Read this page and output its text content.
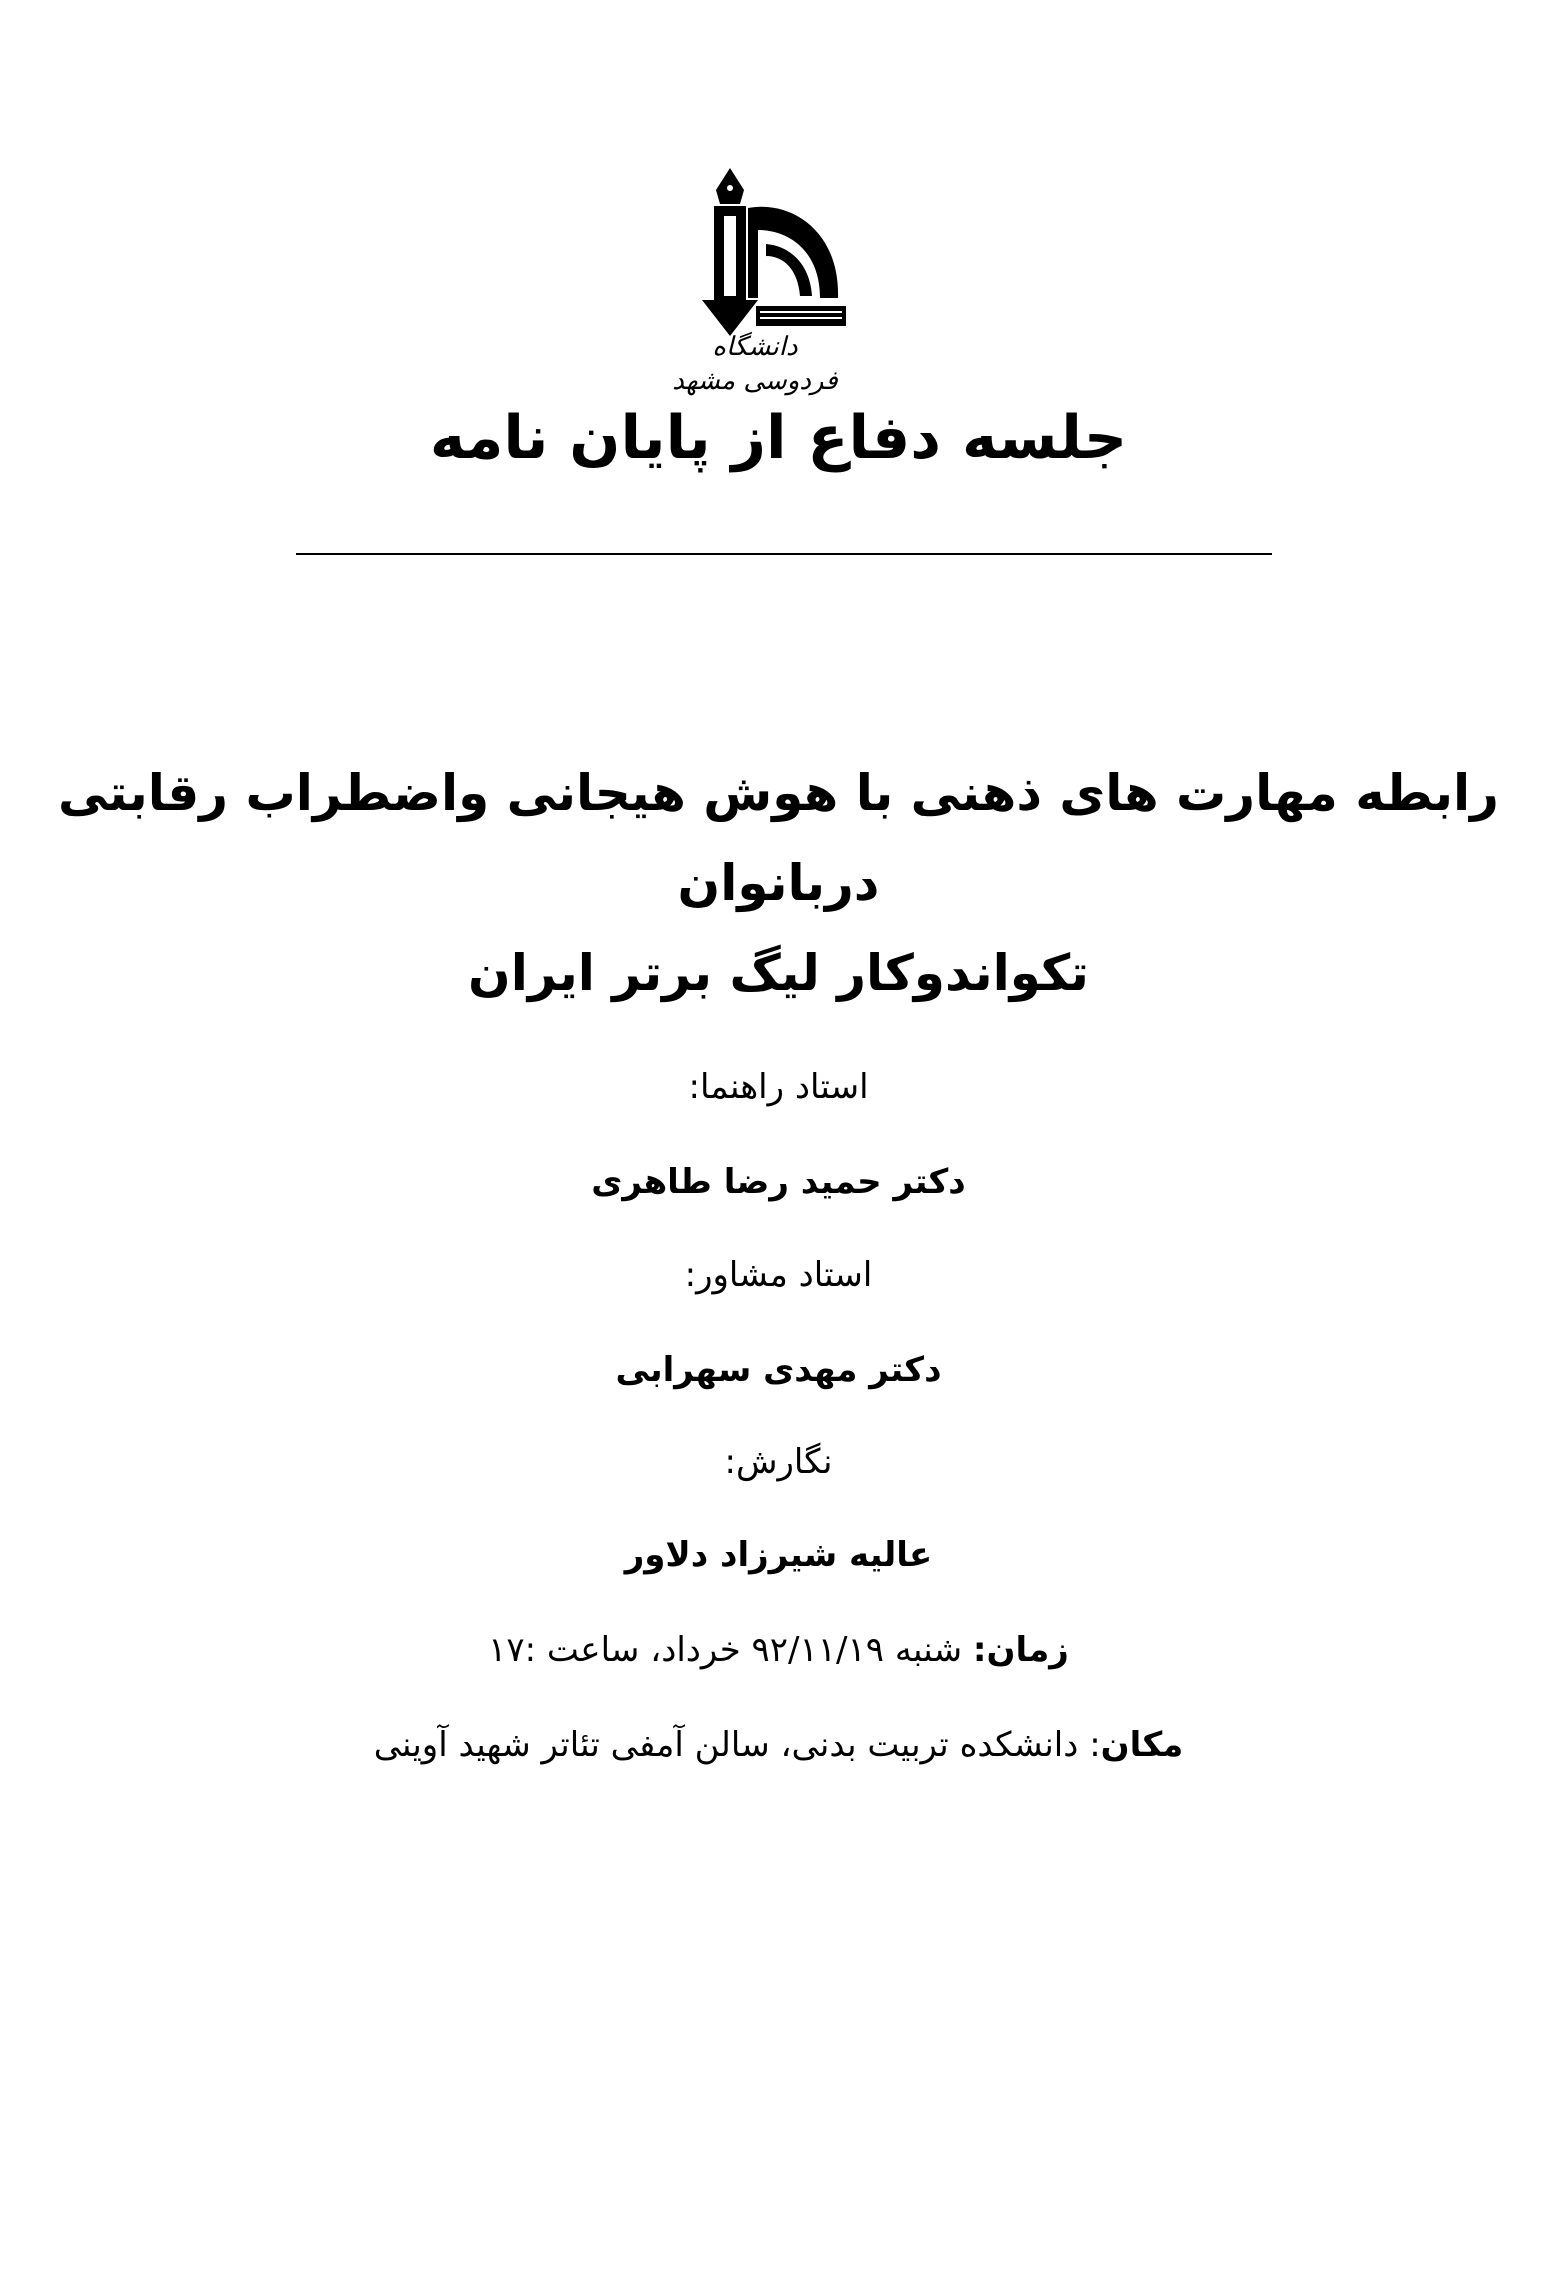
دانشگاه فردوسی مشهد
جلسه دفاع از پایان نامه
رابطه مهارت های ذهنی با هوش هیجانی واضطراب رقابتی دربانوان
تکواندوکار لیگ برتر ایران
استاد راهنما:
دکتر حمید رضا طاهری
استاد مشاور:
دکتر مهدی سهرابی
نگارش:
عالیه شیرزاد دلاور
زمان: شنبه ۹۲/۱۱/۱۹ خرداد، ساعت :۱۷
مکان: دانشکده تربیت بدنی، سالن آمفی تئاتر شهید آوینی
